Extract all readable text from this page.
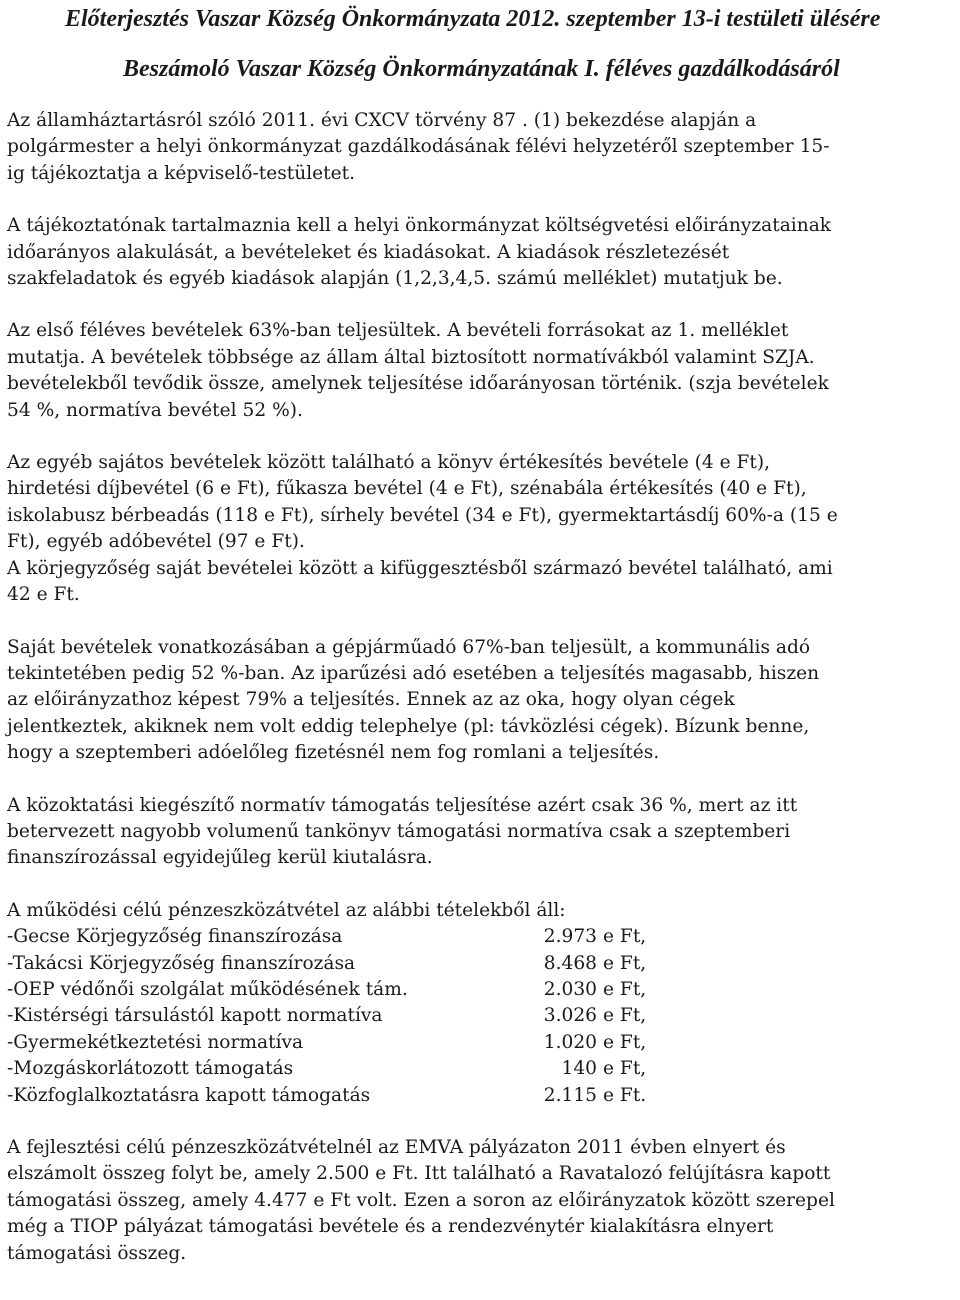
Előterjesztés Vaszar Község Önkormányzata 2012. szeptember 13-i testületi ülésére
Beszámoló Vaszar Község Önkormányzatának I. féléves gazdálkodásáról

Az államháztartásról szóló 2011. évi CXCV törvény 87 . (1) bekezdése alapján a
polgármester a helyi önkormányzat gazdálkodásának félévi helyzetéről szeptember 15-
ig tájékoztatja a képviselő-testületet.

A tájékoztatónak tartalmaznia kell a helyi önkormányzat költségvetési előirányzatainak
időarányos alakulását, a bevételeket és kiadásokat. A kiadások részletezését
szakfeladatok és egyéb kiadások alapján (1,2,3,4,5. számú melléklet) mutatjuk be.

Az első féléves bevételek 63%-ban teljesültek. A bevételi forrásokat az 1. melléklet
mutatja. A bevételek többsége az állam által biztosított normatívákból valamint SZJA.
bevételekből tevődik össze, amelynek teljesítése időarányosan történik. (szja bevételek
54 %, normatíva bevétel 52 %).

Az egyéb sajátos bevételek között található a könyv értékesítés bevétele (4 e Ft),
hirdetési díjbevétel (6 e Ft), fűkasza bevétel (4 e Ft), szénabála értékesítés (40 e Ft),
iskolabusz bérbeadás (118 e Ft), sírhely bevétel (34 e Ft), gyermektartásdíj 60%-a (15 e
Ft), egyéb adóbevétel (97 e Ft).
A körjegyzőség saját bevételei között a kifüggesztésből származó bevétel található, ami
42 e Ft.

Saját bevételek vonatkozásában a gépjárműadó 67%-ban teljesült, a kommunális adó
tekintetében pedig 52 %-ban. Az iparűzési adó esetében a teljesítés magasabb, hiszen
az előirányzathoz képest 79% a teljesítés. Ennek az az oka, hogy olyan cégek
jelentkeztek, akiknek nem volt eddig telephelye (pl: távközlési cégek). Bízunk benne,
hogy a szeptemberi adóelőleg fizetésnél nem fog romlani a teljesítés.

A közoktatási kiegészítő normatív támogatás teljesítése azért csak 36 %, mert az itt
betervezett nagyobb volumenű tankönyv támogatási normatíva csak a szeptemberi
finanszírozással egyidejűleg kerül kiutalásra.

A működési célú pénzeszközátvétel az alábbi tételekből áll:

-Gecse Körjegyzőség finanszírozása	2.973 e Ft,
-Takácsi Körjegyzőség finanszírozása	8.468 e Ft,
-OEP védőnői szolgálat működésének tám.	2.030 e Ft,
-Kistérségi társulástól kapott normatíva	3.026 e Ft,
-Gyermekétkeztetési normatíva	1.020 e Ft,
-Mozgáskorlátozott támogatás	140 e Ft,
-Közfoglalkoztatásra kapott támogatás	2.115 e Ft.

A fejlesztési célú pénzeszközátvételnél az EMVA pályázaton 2011 évben elnyert és
elszámolt összeg folyt be, amely 2.500 e Ft. Itt található a Ravatalozó felújításra kapott
támogatási összeg, amely 4.477 e Ft volt. Ezen a soron az előirányzatok között szerepel
még a TIOP pályázat támogatási bevétele és a rendezvénytér kialakításra elnyert
támogatási összeg.
